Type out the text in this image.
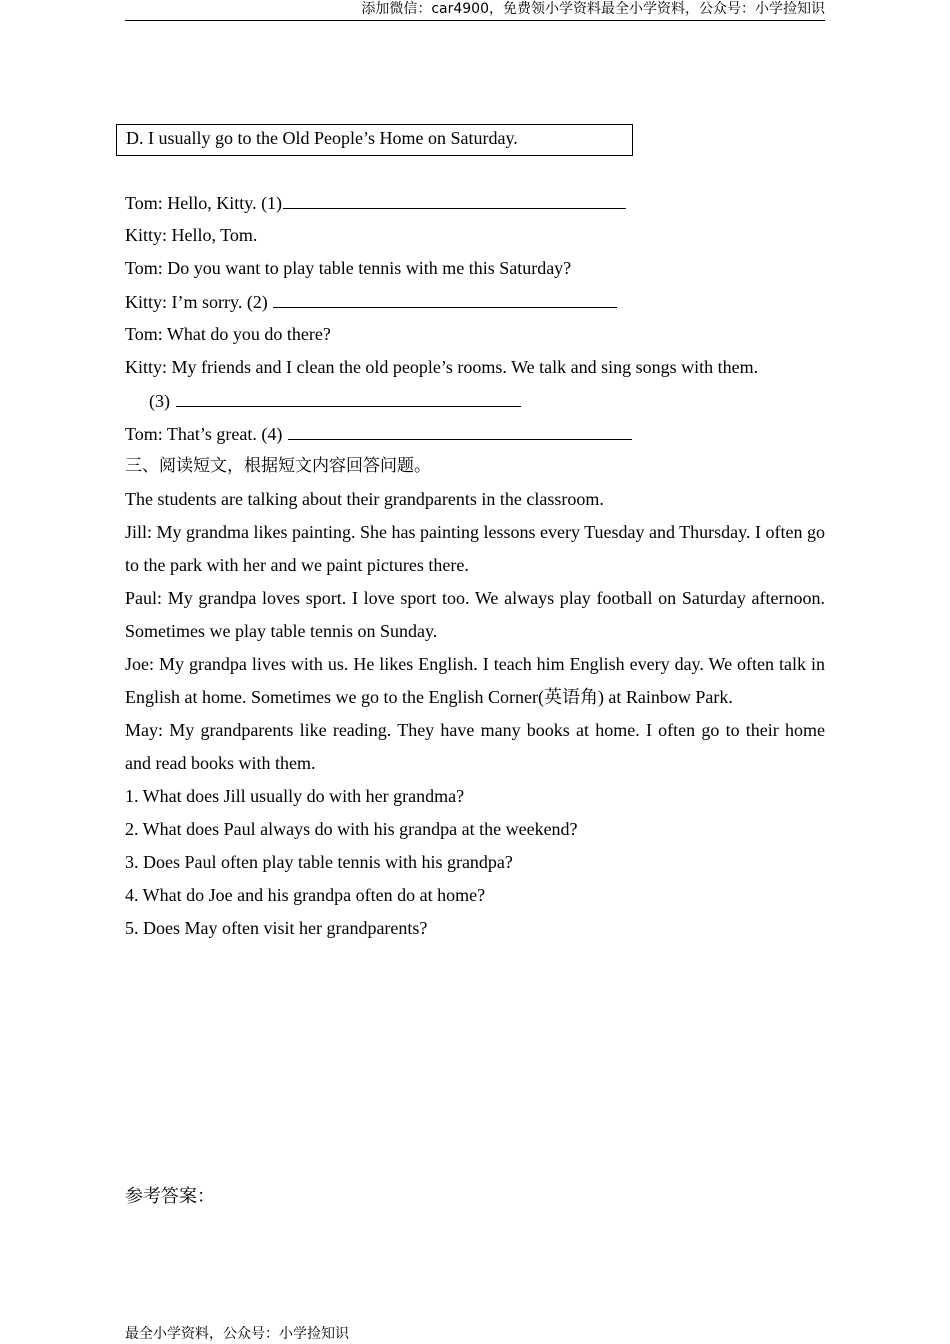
添加微信：car4900，免费领小学资料最全小学资料，公众号：小学捡知识
D. I usually go to the Old People’s Home on Saturday.
Tom: Hello, Kitty. (1)
Kitty: Hello, Tom.
Tom: Do you want to play table tennis with me this Saturday?
Kitty: I’m sorry. (2)
Tom: What do you do there?
Kitty: My friends and I clean the old people’s rooms. We talk and sing songs with them.
(3)
Tom: That’s great. (4)
三、阅读短文，根据短文内容回答问题。
The students are talking about their grandparents in the classroom.
Jill: My grandma likes painting. She has painting lessons every Tuesday and Thursday. I often go to the park with her and we paint pictures there.
Paul: My grandpa loves sport. I love sport too. We always play football on Saturday afternoon. Sometimes we play table tennis on Sunday.
Joe: My grandpa lives with us. He likes English. I teach him English every day. We often talk in English at home. Sometimes we go to the English Corner(英语角) at Rainbow Park.
May: My grandparents like reading. They have many books at home. I often go to their home and read books with them.
1. What does Jill usually do with her grandma?
2. What does Paul always do with his grandpa at the weekend?
3. Does Paul often play table tennis with his grandpa?
4. What do Joe and his grandpa often do at home?
5. Does May often visit her grandparents?
参考答案：
最全小学资料，公众号：小学捡知识
